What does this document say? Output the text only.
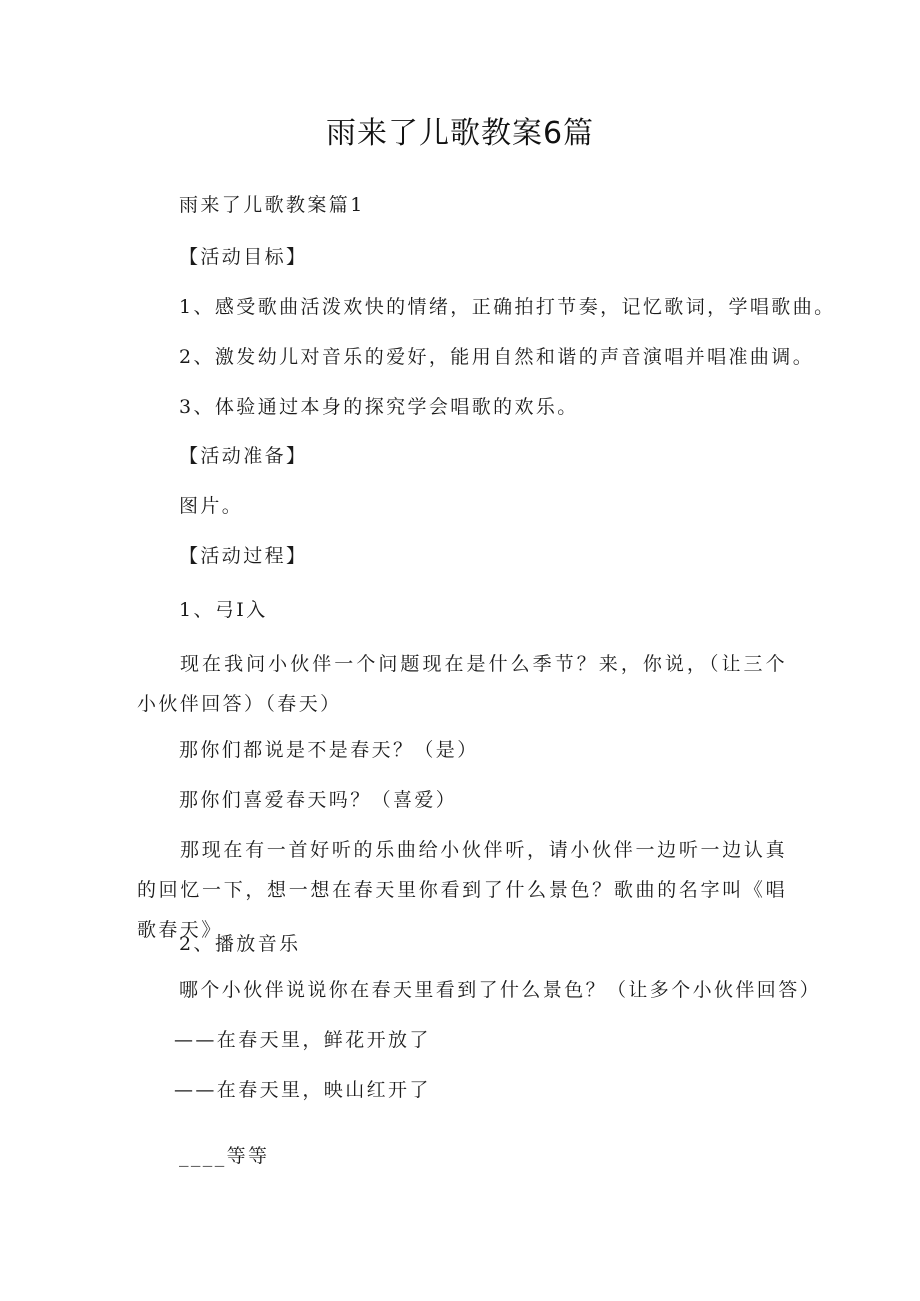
雨来了儿歌教案6篇
雨来了儿歌教案篇1
【活动目标】
1、感受歌曲活泼欢快的情绪，正确拍打节奏，记忆歌词，学唱歌曲。
2、激发幼儿对音乐的爱好，能用自然和谐的声音演唱并唱准曲调。
3、体验通过本身的探究学会唱歌的欢乐。
【活动准备】
图片。
【活动过程】
1、弓I入
现在我问小伙伴一个问题现在是什么季节？来，你说，（让三个小伙伴回答）（春天）
那你们都说是不是春天？（是）
那你们喜爱春天吗？（喜爱）
那现在有一首好听的乐曲给小伙伴听，请小伙伴一边听一边认真的回忆一下，想一想在春天里你看到了什么景色？歌曲的名字叫《唱歌春天》
2、播放音乐
哪个小伙伴说说你在春天里看到了什么景色？（让多个小伙伴回答）
——在春天里，鲜花开放了
——在春天里，映山红开了
____等等
